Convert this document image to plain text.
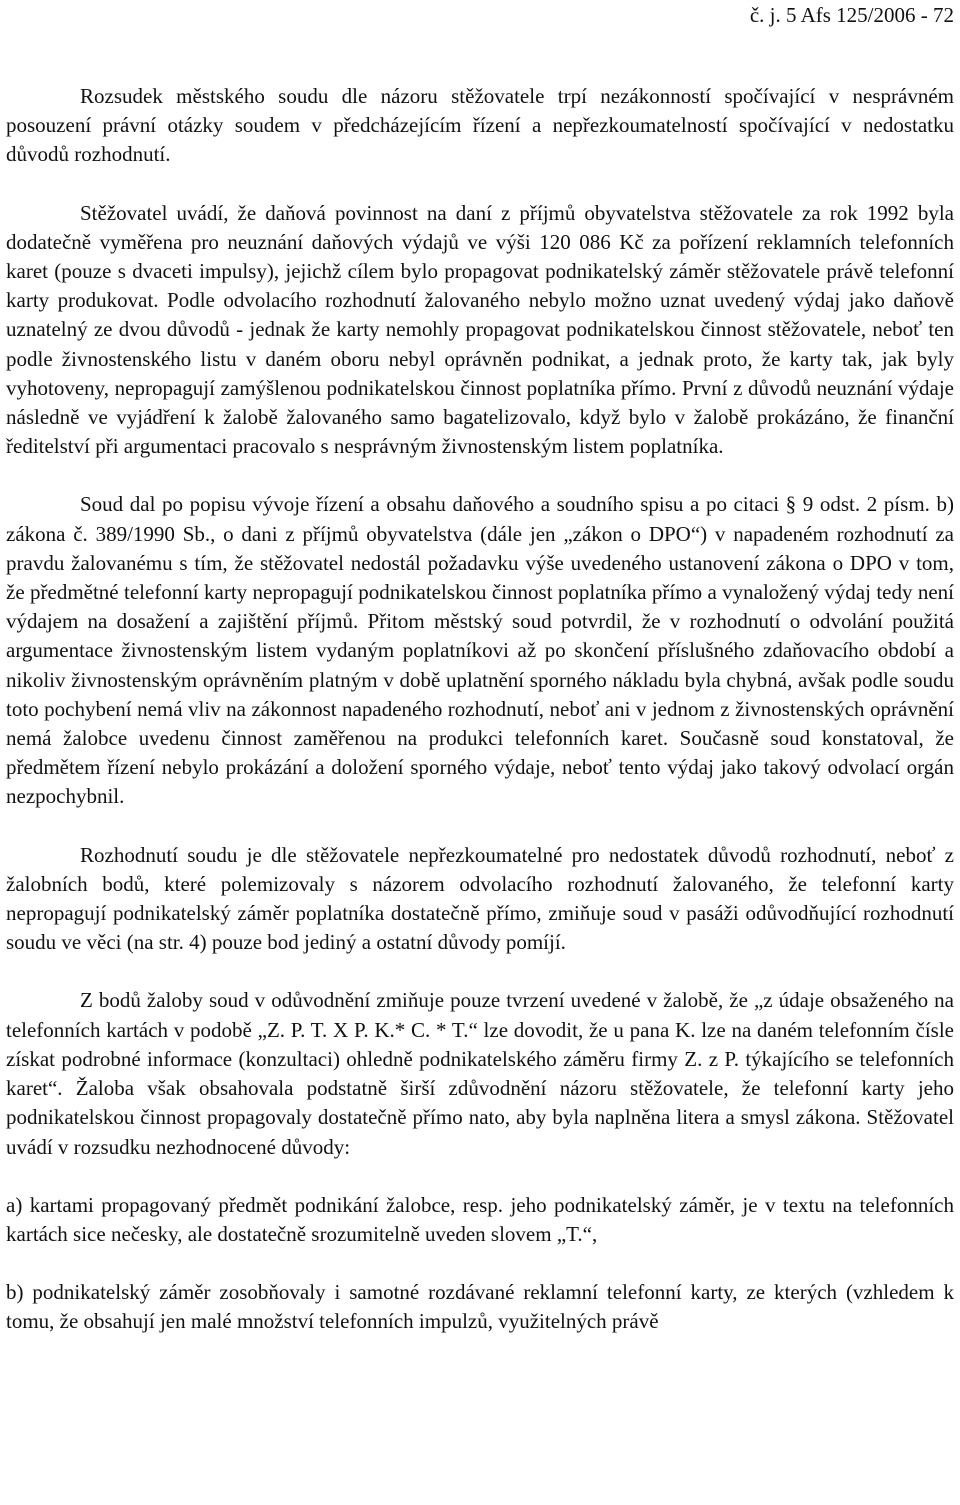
č. j. 5 Afs 125/2006 - 72

Rozsudek městského soudu dle názoru stěžovatele trpí nezákonností spočívající v nesprávném posouzení právní otázky soudem v předcházejícím řízení a nepřezkoumatelností spočívající v nedostatku důvodů rozhodnutí.

Stěžovatel uvádí, že daňová povinnost na daní z příjmů obyvatelstva stěžovatele za rok 1992 byla dodatečně vyměřena pro neuznání daňových výdajů ve výši 120 086 Kč za pořízení reklamních telefonních karet (pouze s dvaceti impulsy), jejichž cílem bylo propagovat podnikatelský záměr stěžovatele právě telefonní karty produkovat. Podle odvolacího rozhodnutí žalovaného nebylo možno uznat uvedený výdaj jako daňově uznatelný ze dvou důvodů - jednak že karty nemohly propagovat podnikatelskou činnost stěžovatele, neboť ten podle živnostenského listu v daném oboru nebyl oprávněn podnikat, a jednak proto, že karty tak, jak byly vyhotoveny, nepropagují zamýšlenou podnikatelskou činnost poplatníka přímo. První z důvodů neuznání výdaje následně ve vyjádření k žalobě žalovaného samo bagatelizovalo, když bylo v žalobě prokázáno, že finanční ředitelství při argumentaci pracovalo s nesprávným živnostenským listem poplatníka.

Soud dal po popisu vývoje řízení a obsahu daňového a soudního spisu a po citaci § 9 odst. 2 písm. b) zákona č. 389/1990 Sb., o dani z příjmů obyvatelstva (dále jen „zákon o DPO“) v napadeném rozhodnutí za pravdu žalovanému s tím, že stěžovatel nedostál požadavku výše uvedeného ustanovení zákona o DPO v tom, že předmětné telefonní karty nepropagují podnikatelskou činnost poplatníka přímo a vynaložený výdaj tedy není výdajem na dosažení a zajištění příjmů. Přitom městský soud potvrdil, že v rozhodnutí o odvolání použitá argumentace živnostenským listem vydaným poplatníkovi až po skončení příslušného zdaňovacího období a nikoliv živnostenským oprávněním platným v době uplatnění sporného nákladu byla chybná, avšak podle soudu toto pochybení nemá vliv na zákonnost napadeného rozhodnutí, neboť ani v jednom z živnostenských oprávnění nemá žalobce uvedenu činnost zaměřenou na produkci telefonních karet. Současně soud konstatoval, že předmětem řízení nebylo prokázání a doložení sporného výdaje, neboť tento výdaj jako takový odvolací orgán nezpochybnil.

Rozhodnutí soudu je dle stěžovatele nepřezkoumatelné pro nedostatek důvodů rozhodnutí, neboť z žalobních bodů, které polemizovaly s názorem odvolacího rozhodnutí žalovaného, že telefonní karty nepropagují podnikatelský záměr poplatníka dostatečně přímo, zmiňuje soud v pasáži odůvodňující rozhodnutí soudu ve věci (na str. 4) pouze bod jediný a ostatní důvody pomíjí.

Z bodů žaloby soud v odůvodnění zmiňuje pouze tvrzení uvedené v žalobě, že „z údaje obsaženého na telefonních kartách v podobě „Z. P. T. X P. K.* C. * T.“ lze dovodit, že u pana K. lze na daném telefonním čísle získat podrobné informace (konzultaci) ohledně podnikatelského záměru firmy Z. z P. týkajícího se telefonních karet“. Žaloba však obsahovala podstatně širší zdůvodnění názoru stěžovatele, že telefonní karty jeho podnikatelskou činnost propagovaly dostatečně přímo nato, aby byla naplněna litera a smysl zákona. Stěžovatel uvádí v rozsudku nezhodnocené důvody:

a) kartami propagovaný předmět podnikání žalobce, resp. jeho podnikatelský záměr, je v textu na telefonních kartách sice nečesky, ale dostatečně srozumitelně uveden slovem „T.“,

b) podnikatelský záměr zosobňovaly i samotné rozdávané reklamní telefonní karty, ze kterých (vzhledem k tomu, že obsahují jen malé množství telefonních impulzů, využitelných právě
